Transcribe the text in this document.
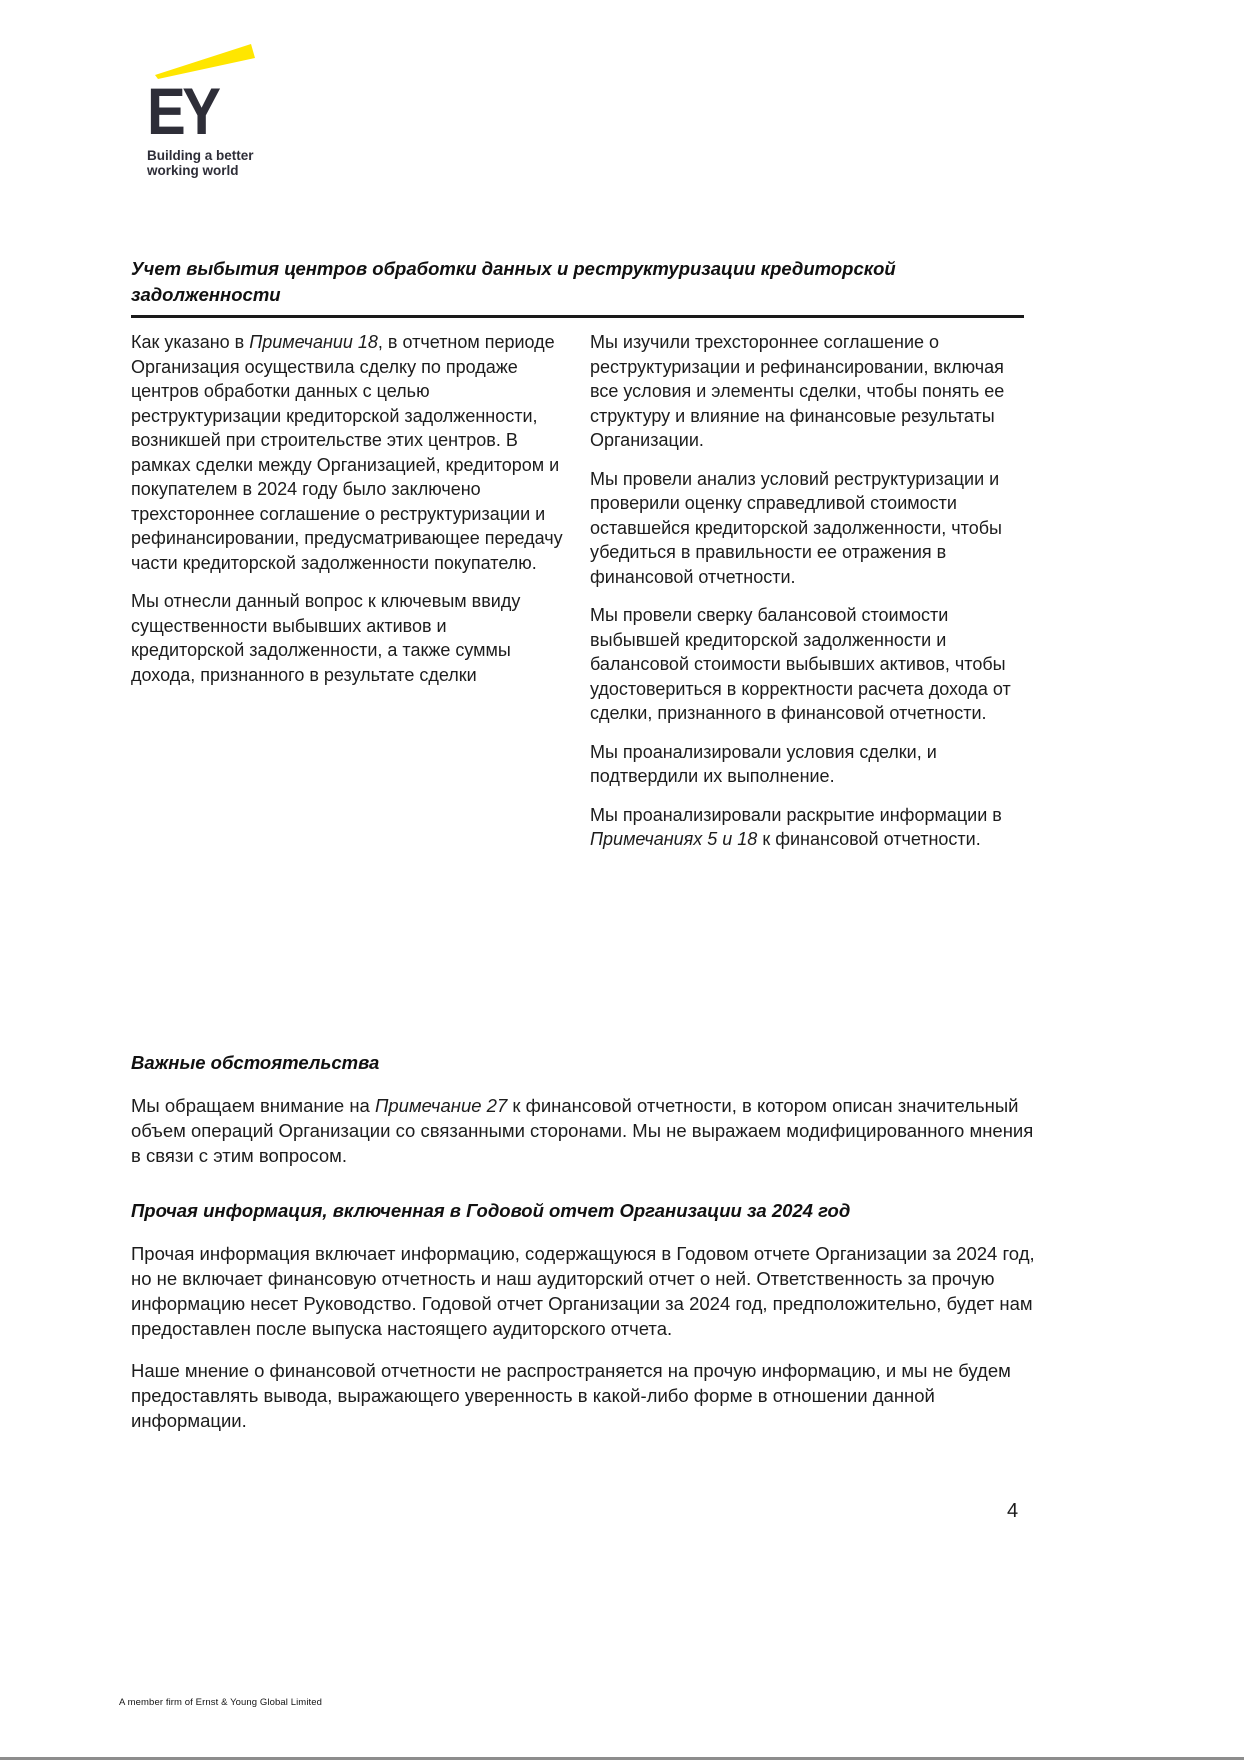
EY
Building a better
working world
Учет выбытия центров обработки данных и реструктуризации кредиторской задолженности

Как указано в Примечании 18, в отчетном периоде Организация осуществила сделку по продаже центров обработки данных с целью реструктуризации кредиторской задолженности, возникшей при строительстве этих центров. В рамках сделки между Организацией, кредитором и покупателем в 2024 году было заключено трехстороннее соглашение о реструктуризации и рефинансировании, предусматривающее передачу части кредиторской задолженности покупателю.

Мы отнесли данный вопрос к ключевым ввиду существенности выбывших активов и кредиторской задолженности, а также суммы дохода, признанного в результате сделки

Мы изучили трехстороннее соглашение о реструктуризации и рефинансировании, включая все условия и элементы сделки, чтобы понять ее структуру и влияние на финансовые результаты Организации.

Мы провели анализ условий реструктуризации и проверили оценку справедливой стоимости оставшейся кредиторской задолженности, чтобы убедиться в правильности ее отражения в финансовой отчетности.

Мы провели сверку балансовой стоимости выбывшей кредиторской задолженности и балансовой стоимости выбывших активов, чтобы удостовериться в корректности расчета дохода от сделки, признанного в финансовой отчетности.

Мы проанализировали условия сделки, и подтвердили их выполнение.

Мы проанализировали раскрытие информации в Примечаниях 5 и 18 к финансовой отчетности.

Важные обстоятельства

Мы обращаем внимание на Примечание 27 к финансовой отчетности, в котором описан значительный объем операций Организации со связанными сторонами. Мы не выражаем модифицированного мнения в связи с этим вопросом.

Прочая информация, включенная в Годовой отчет Организации за 2024 год

Прочая информация включает информацию, содержащуюся в Годовом отчете Организации за 2024 год, но не включает финансовую отчетность и наш аудиторский отчет о ней. Ответственность за прочую информацию несет Руководство. Годовой отчет Организации за 2024 год, предположительно, будет нам предоставлен после выпуска настоящего аудиторского отчета.

Наше мнение о финансовой отчетности не распространяется на прочую информацию, и мы не будем предоставлять вывода, выражающего уверенность в какой-либо форме в отношении данной информации.

4
A member firm of Ernst & Young Global Limited
